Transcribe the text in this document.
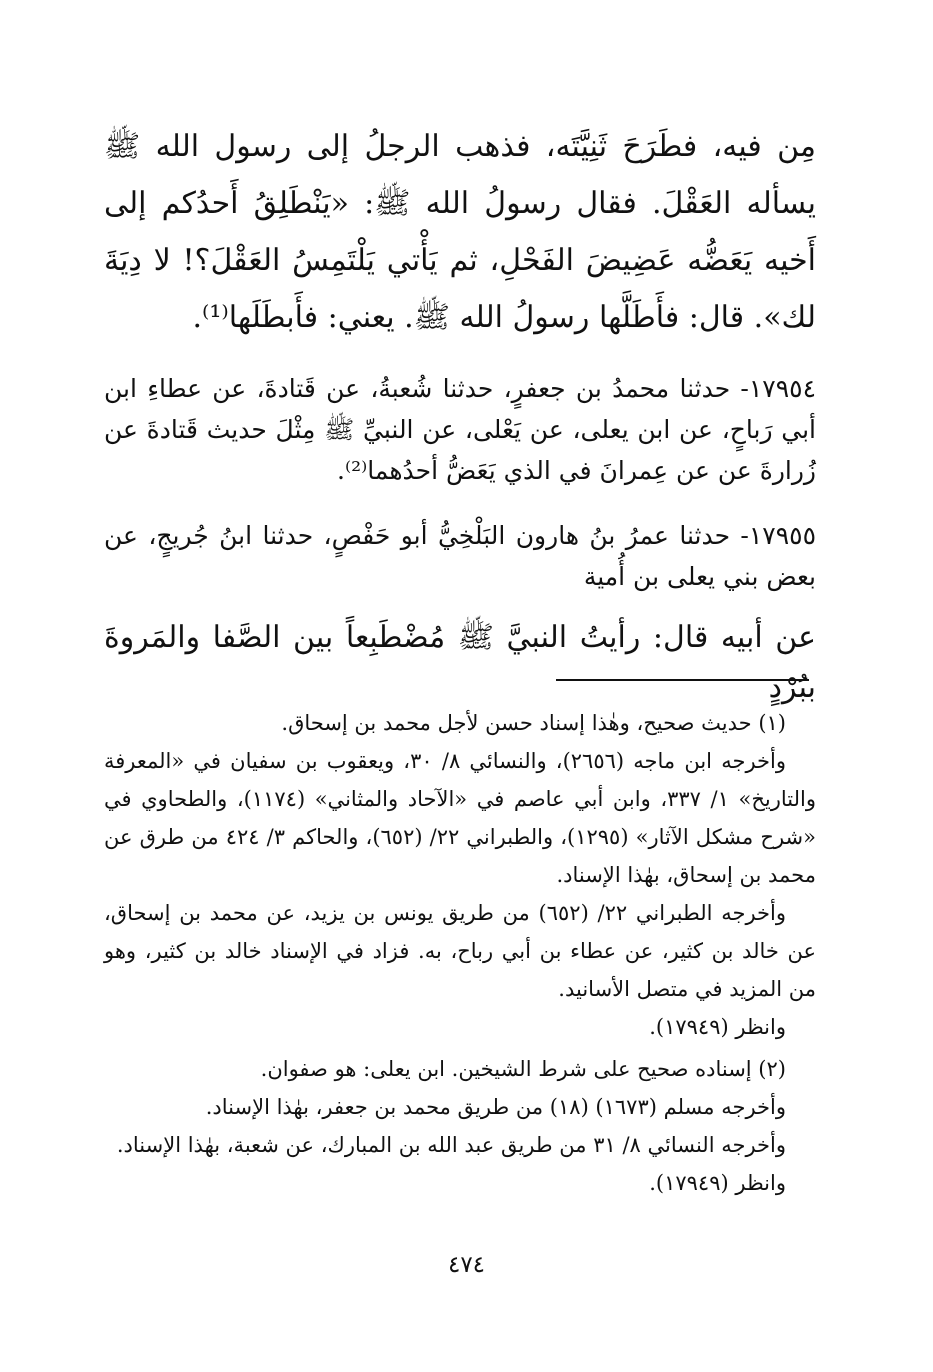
مِن فيه، فطَرَحَ ثَنِيَّتَه، فذهب الرجلُ إلى رسول الله ﷺ يسأله العَقْلَ. فقال رسولُ الله ﷺ: «يَنْطَلِقُ أَحدُكم إلى أَخيه يَعَضُّه عَضِيضَ الفَحْلِ، ثم يَأْتي يَلْتَمِسُ العَقْلَ؟! لا دِيَةَ لك». قال: فأَطَلَّها رسولُ الله ﷺ. يعني: فأَبطَلَها⁽¹⁾.

١٧٩٥٤- حدثنا محمدُ بن جعفرٍ، حدثنا شُعبةُ، عن قَتادةَ، عن عطاءِ ابن أبي رَباحٍ، عن ابن يعلى، عن يَعْلى، عن النبيِّ ﷺ مِثْلَ حديث قَتادةَ عن زُرارةَ عن عن عِمرانَ في الذي يَعَضُّ أحدُهما⁽²⁾.

١٧٩٥٥- حدثنا عمرُ بنُ هارون البَلْخِيُّ أبو حَفْصٍ، حدثنا ابنُ جُريجٍ، عن بعض بني يعلى بن أُمية

عن أبيه قال: رأيتُ النبيَّ ﷺ مُضْطَبِعاً بين الصَّفا والمَروةَ ببُرْدٍ

(١) حديث صحيح، وهٰذا إسناد حسن لأجل محمد بن إسحاق.

وأخرجه ابن ماجه (٢٦٥٦)، والنسائي ٨/ ٣٠، ويعقوب بن سفيان في «المعرفة والتاريخ» ١/ ٣٣٧، وابن أبي عاصم في «الآحاد والمثاني» (١١٧٤)، والطحاوي في «شرح مشكل الآثار» (١٢٩٥)، والطبراني ٢٢/ (٦٥٢)، والحاكم ٣/ ٤٢٤ من طرق عن محمد بن إسحاق، بهٰذا الإسناد.

وأخرجه الطبراني ٢٢/ (٦٥٢) من طريق يونس بن يزيد، عن محمد بن إسحاق، عن خالد بن كثير، عن عطاء بن أبي رباح، به. فزاد في الإسناد خالد بن كثير، وهو من المزيد في متصل الأسانيد.

وانظر (١٧٩٤٩).

(٢) إسناده صحيح على شرط الشيخين. ابن يعلى: هو صفوان.

وأخرجه مسلم (١٦٧٣) (١٨) من طريق محمد بن جعفر، بهٰذا الإسناد.

وأخرجه النسائي ٨/ ٣١ من طريق عبد الله بن المبارك، عن شعبة، بهٰذا الإسناد.

وانظر (١٧٩٤٩).

٤٧٤
